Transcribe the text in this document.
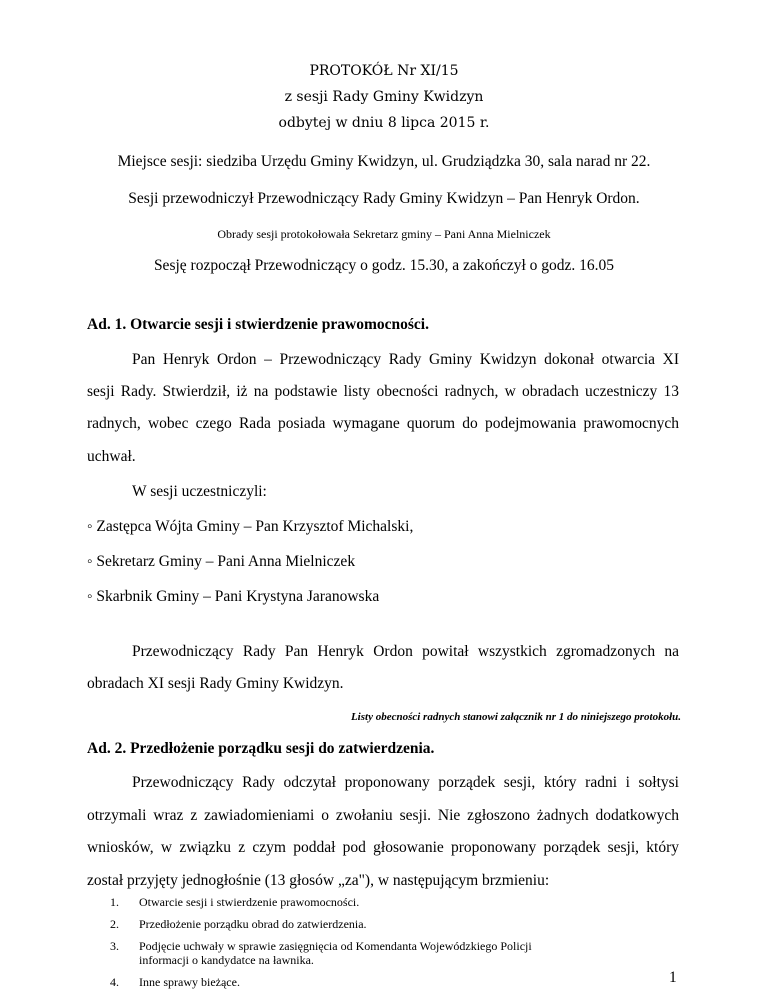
PROTOKÓŁ Nr XI/15
z sesji Rady Gminy Kwidzyn
odbytej w dniu 8 lipca 2015 r.
Miejsce sesji: siedziba Urzędu Gminy Kwidzyn, ul. Grudziądzka 30, sala narad nr 22.
Sesji przewodniczył Przewodniczący Rady Gminy Kwidzyn – Pan Henryk Ordon.
Obrady sesji protokołowała Sekretarz gminy – Pani Anna Mielniczek
Sesję rozpoczął Przewodniczący o godz. 15.30, a zakończył o godz. 16.05
Ad. 1. Otwarcie sesji i stwierdzenie prawomocności.
Pan Henryk Ordon – Przewodniczący Rady Gminy Kwidzyn dokonał otwarcia XI
sesji Rady. Stwierdził, iż na podstawie listy obecności radnych, w obradach uczestniczy 13
radnych, wobec czego Rada posiada wymagane quorum do podejmowania prawomocnych
uchwał.
W sesji uczestniczyli:
◦ Zastępca Wójta Gminy – Pan Krzysztof Michalski,
◦ Sekretarz Gminy – Pani Anna Mielniczek
◦ Skarbnik Gminy – Pani Krystyna Jaranowska
Przewodniczący Rady Pan Henryk Ordon powitał wszystkich zgromadzonych na
obradach XI sesji Rady Gminy Kwidzyn.
Listy obecności radnych stanowi załącznik nr 1 do niniejszego protokołu.
Ad. 2. Przedłożenie porządku sesji do zatwierdzenia.
Przewodniczący Rady odczytał proponowany porządek sesji, który radni i sołtysi
otrzymali wraz z zawiadomieniami o zwołaniu sesji. Nie zgłoszono żadnych dodatkowych
wniosków, w związku z czym poddał pod głosowanie proponowany porządek sesji, który
został przyjęty jednogłośnie (13 głosów „za"), w następującym brzmieniu:
1. Otwarcie sesji i stwierdzenie prawomocności.
2. Przedłożenie porządku obrad do zatwierdzenia.
3. Podjęcie uchwały w sprawie zasięgnięcia od Komendanta Wojewódzkiego Policji
informacji o kandydatce na ławnika.
4. Inne sprawy bieżące.	1
